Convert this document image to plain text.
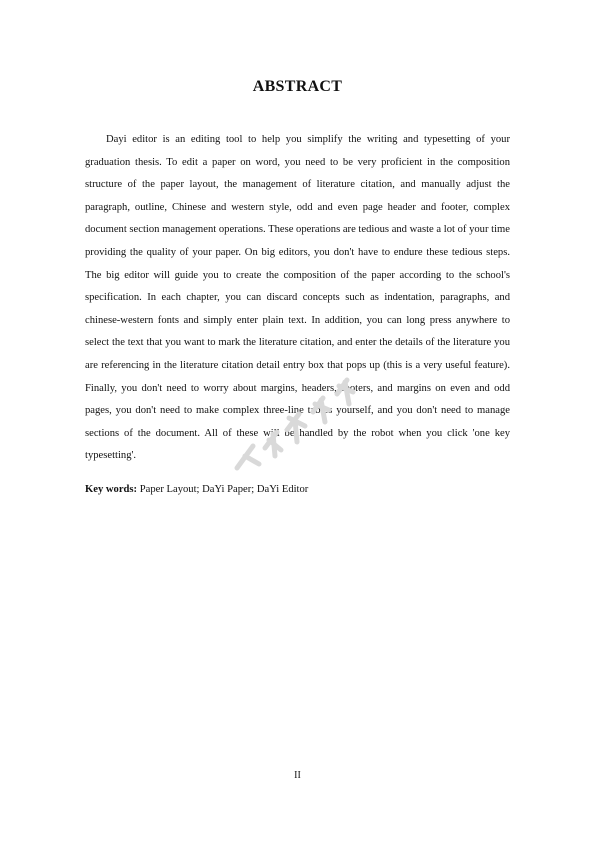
ABSTRACT

Dayi editor is an editing tool to help you simplify the writing and typesetting of your graduation thesis. To edit a paper on word, you need to be very proficient in the composition structure of the paper layout, the management of literature citation, and manually adjust the paragraph, outline, Chinese and western style, odd and even page header and footer, complex document section management operations. These operations are tedious and waste a lot of your time providing the quality of your paper. On big editors, you don't have to endure these tedious steps. The big editor will guide you to create the composition of the paper according to the school's specification. In each chapter, you can discard concepts such as indentation, paragraphs, and chinese-western fonts and simply enter plain text. In addition, you can long press anywhere to select the text that you want to mark the literature citation, and enter the details of the literature you are referencing in the literature citation detail entry box that pops up (this is a very useful feature). Finally, you don't need to worry about margins, headers, footers, and margins on even and odd pages, you don't need to make complex three-line tables yourself, and you don't need to manage sections of the document. All of these will be handled by the robot when you click 'one key typesetting'.

Key words: Paper Layout; DaYi Paper; DaYi Editor

II
